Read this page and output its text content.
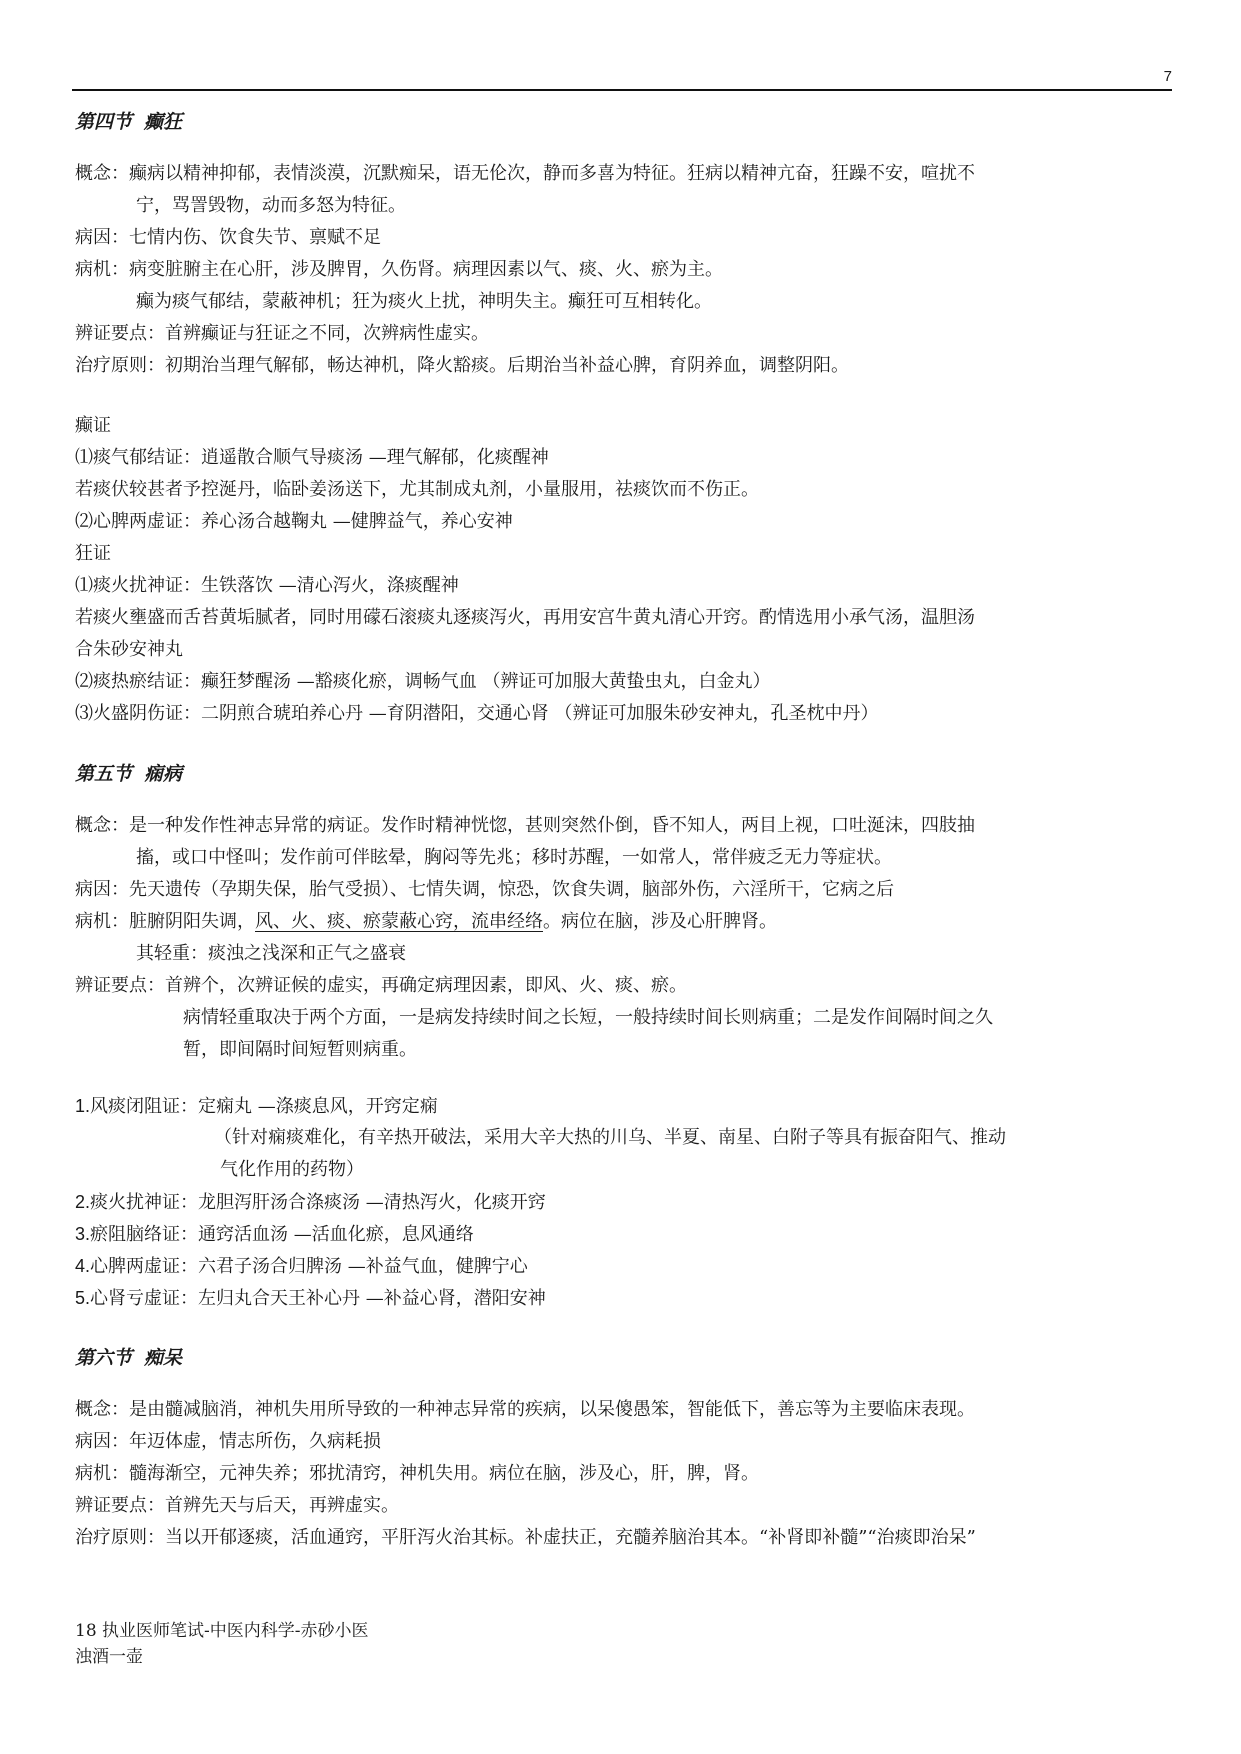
7
第四节 癫狂
概念：癫病以精神抑郁，表情淡漠，沉默痴呆，语无伦次，静而多喜为特征。狂病以精神亢奋，狂躁不安，喧扰不
宁，骂詈毁物，动而多怒为特征。
病因：七情内伤、饮食失节、禀赋不足
病机：病变脏腑主在心肝，涉及脾胃，久伤肾。病理因素以气、痰、火、瘀为主。
癫为痰气郁结，蒙蔽神机；狂为痰火上扰，神明失主。癫狂可互相转化。
辨证要点：首辨癫证与狂证之不同，次辨病性虚实。
治疗原则：初期治当理气解郁，畅达神机，降火豁痰。后期治当补益心脾，育阴养血，调整阴阳。
癫证
⑴痰气郁结证：逍遥散合顺气导痰汤 —理气解郁，化痰醒神
若痰伏较甚者予控涎丹，临卧姜汤送下，尤其制成丸剂，小量服用，祛痰饮而不伤正。
⑵心脾两虚证：养心汤合越鞠丸 —健脾益气，养心安神
狂证
⑴痰火扰神证：生铁落饮 —清心泻火，涤痰醒神
若痰火壅盛而舌苔黄垢腻者，同时用礞石滚痰丸逐痰泻火，再用安宫牛黄丸清心开窍。酌情选用小承气汤，温胆汤
合朱砂安神丸
⑵痰热瘀结证：癫狂梦醒汤 —豁痰化瘀，调畅气血 （辨证可加服大黄蛰虫丸，白金丸）
⑶火盛阴伤证：二阴煎合琥珀养心丹 —育阴潜阳，交通心肾 （辨证可加服朱砂安神丸，孔圣枕中丹）
第五节 痫病
概念：是一种发作性神志异常的病证。发作时精神恍惚，甚则突然仆倒，昏不知人，两目上视，口吐涎沫，四肢抽
搐，或口中怪叫；发作前可伴眩晕，胸闷等先兆；移时苏醒，一如常人，常伴疲乏无力等症状。
病因：先天遗传（孕期失保，胎气受损）、七情失调，惊恐，饮食失调，脑部外伤，六淫所干，它病之后
病机：脏腑阴阳失调，风、火、痰、瘀蒙蔽心窍，流串经络。病位在脑，涉及心肝脾肾。
其轻重：痰浊之浅深和正气之盛衰
辨证要点：首辨个，次辨证候的虚实，再确定病理因素，即风、火、痰、瘀。
病情轻重取决于两个方面，一是病发持续时间之长短，一般持续时间长则病重；二是发作间隔时间之久
暂，即间隔时间短暂则病重。
1.风痰闭阻证：定痫丸 —涤痰息风，开窍定痫
（针对痫痰难化，有辛热开破法，采用大辛大热的川乌、半夏、南星、白附子等具有振奋阳气、推动
气化作用的药物）
2.痰火扰神证：龙胆泻肝汤合涤痰汤 —清热泻火，化痰开窍
3.瘀阻脑络证：通窍活血汤 —活血化瘀，息风通络
4.心脾两虚证：六君子汤合归脾汤 —补益气血，健脾宁心
5.心肾亏虚证：左归丸合天王补心丹 —补益心肾，潜阳安神
第六节 痴呆
概念：是由髓减脑消，神机失用所导致的一种神志异常的疾病，以呆傻愚笨，智能低下，善忘等为主要临床表现。
病因：年迈体虚，情志所伤，久病耗损
病机：髓海渐空，元神失养；邪扰清窍，神机失用。病位在脑，涉及心，肝，脾，肾。
辨证要点：首辨先天与后天，再辨虚实。
治疗原则：当以开郁逐痰，活血通窍，平肝泻火治其标。补虚扶正，充髓养脑治其本。“补肾即补髓”“治痰即治呆”
18 执业医师笔试-中医内科学-赤砂小医
浊酒一壶
